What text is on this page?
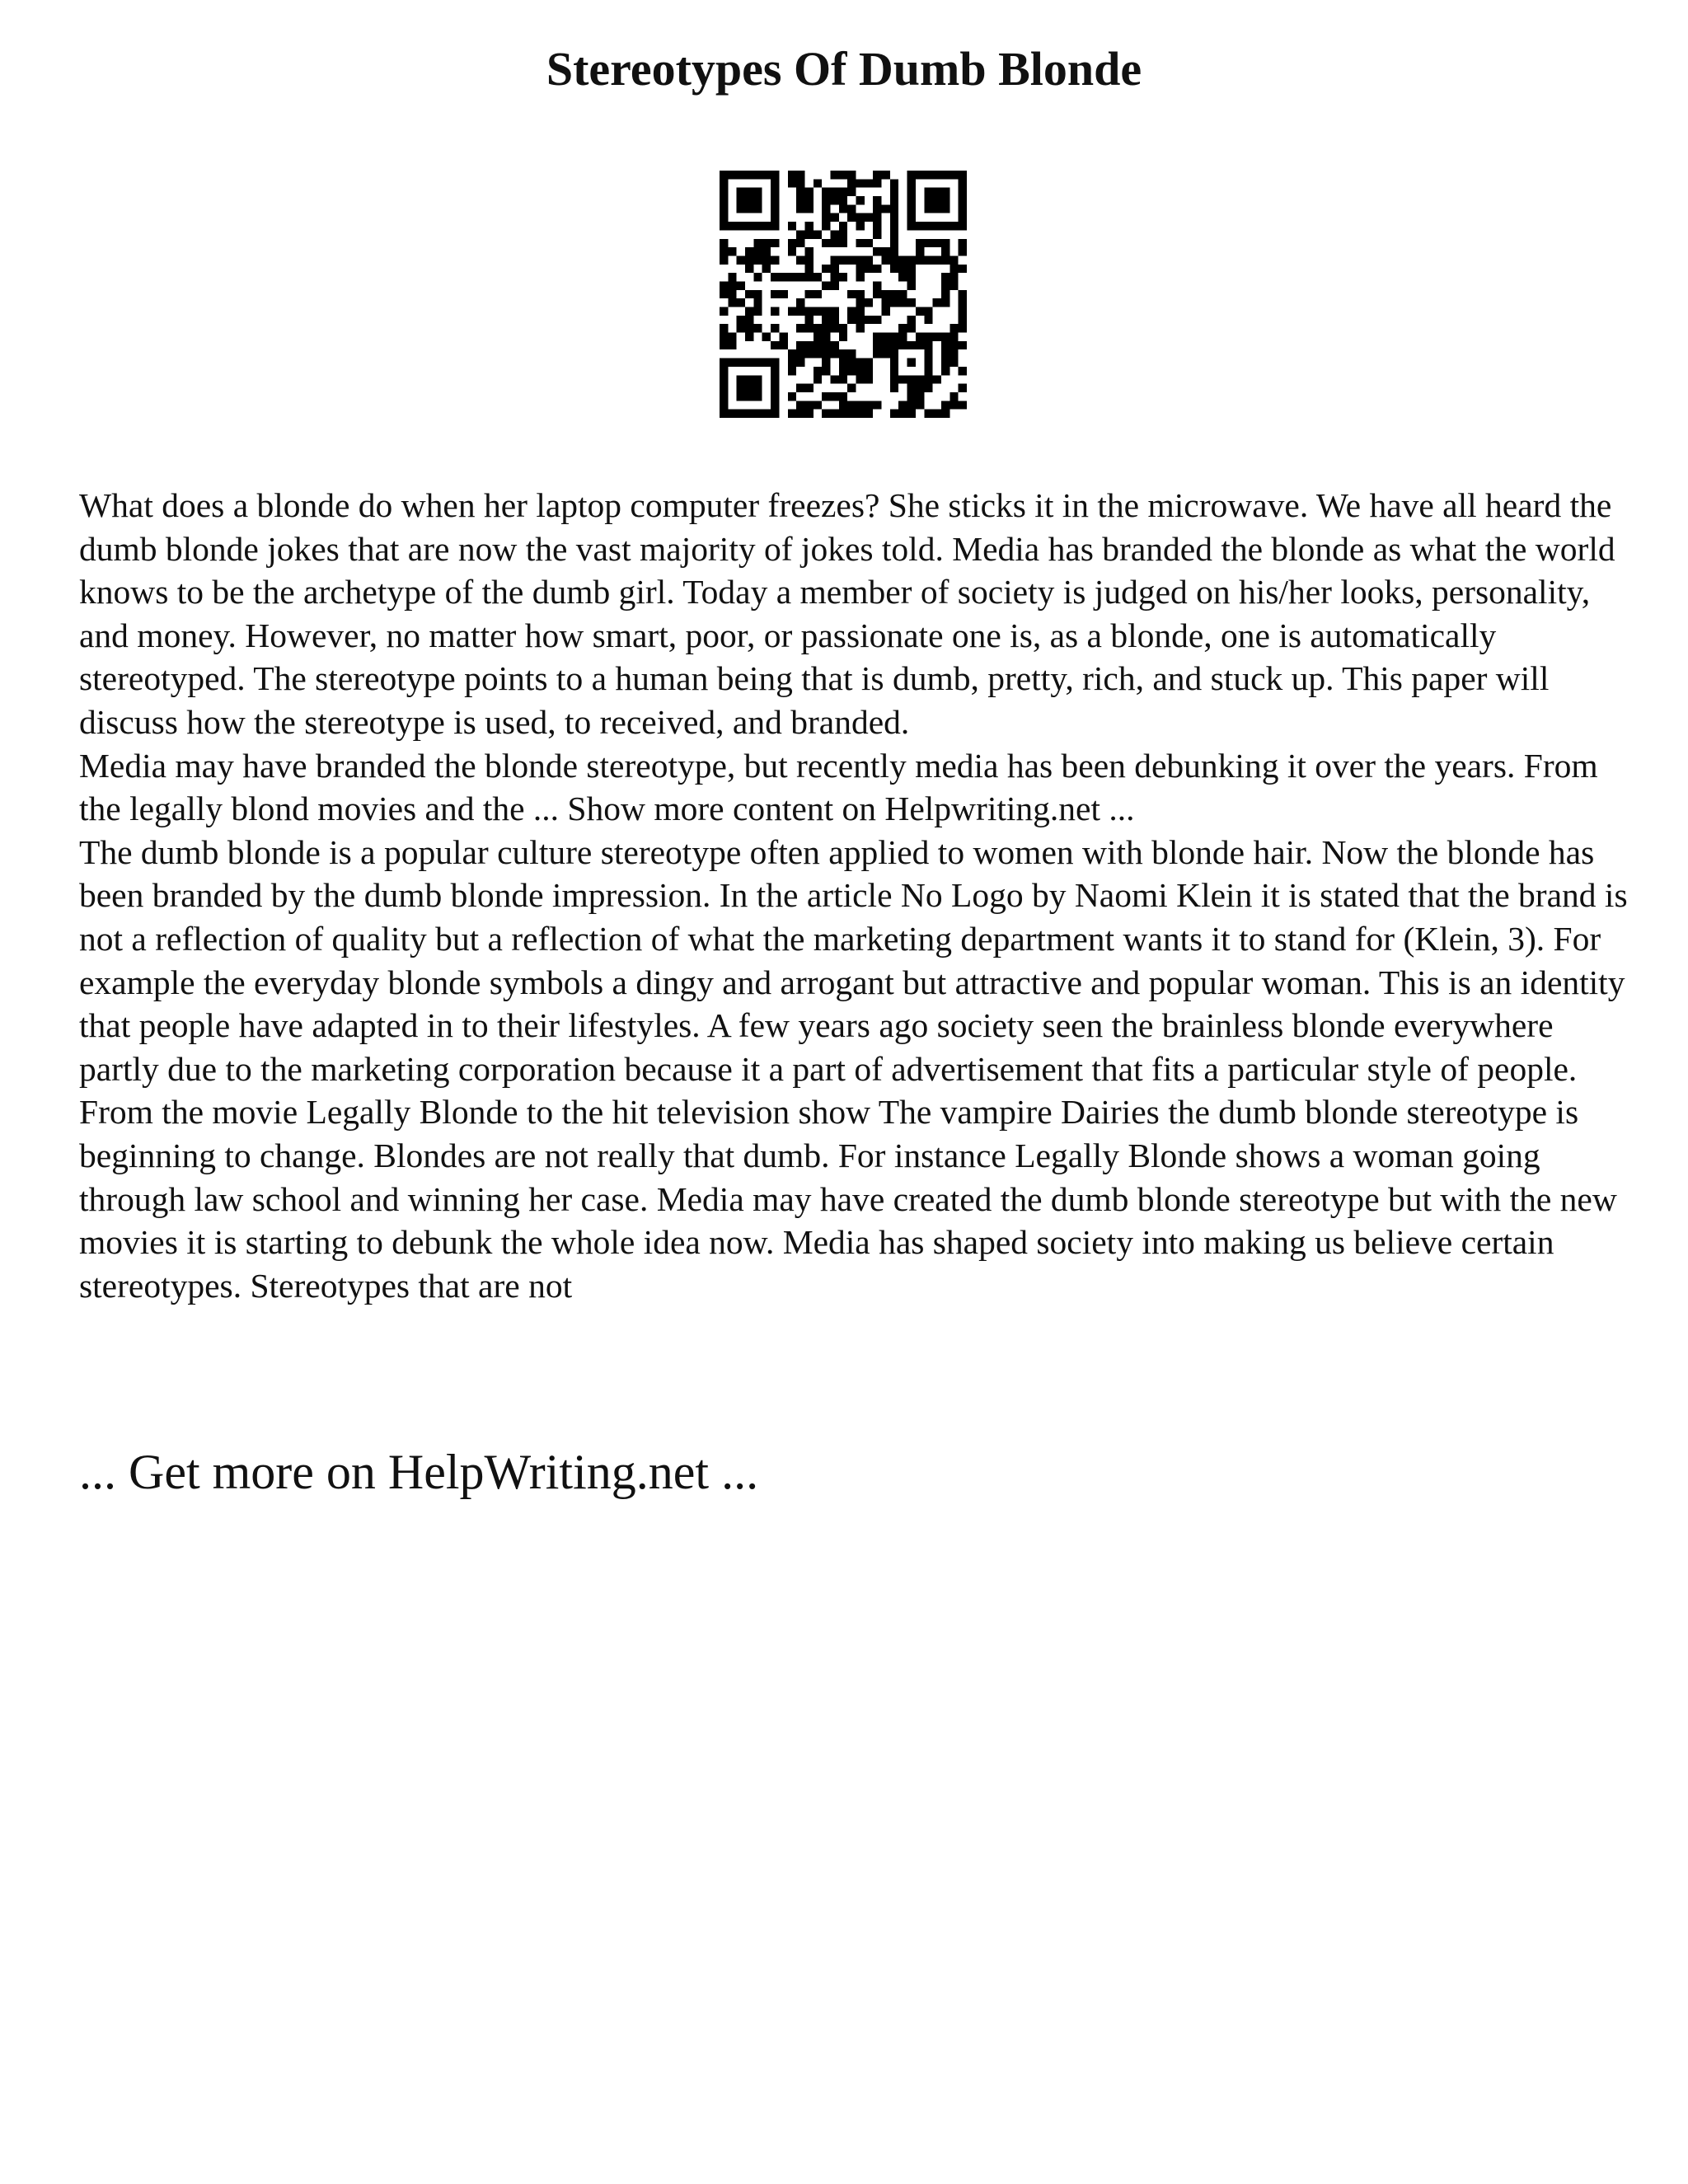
Stereotypes Of Dumb Blonde

What does a blonde do when her laptop computer freezes? She sticks it in the microwave. We have all heard the dumb blonde jokes that are now the vast majority of jokes told. Media has branded the blonde as what the world knows to be the archetype of the dumb girl. Today a member of society is judged on his/her looks, personality, and money. However, no matter how smart, poor, or passionate one is, as a blonde, one is automatically stereotyped. The stereotype points to a human being that is dumb, pretty, rich, and stuck up. This paper will discuss how the stereotype is used, to received, and branded.

Media may have branded the blonde stereotype, but recently media has been debunking it over the years. From the legally blond movies and the ... Show more content on Helpwriting.net ...

The dumb blonde is a popular culture stereotype often applied to women with blonde hair. Now the blonde has been branded by the dumb blonde impression. In the article No Logo by Naomi Klein it is stated that the brand is not a reflection of quality but a reflection of what the marketing department wants it to stand for (Klein, 3). For example the everyday blonde symbols a dingy and arrogant but attractive and popular woman. This is an identity that people have adapted in to their lifestyles. A few years ago society seen the brainless blonde everywhere partly due to the marketing corporation because it a part of advertisement that fits a particular style of people.

From the movie Legally Blonde to the hit television show The vampire Dairies the dumb blonde stereotype is beginning to change. Blondes are not really that dumb. For instance Legally Blonde shows a woman going through law school and winning her case. Media may have created the dumb blonde stereotype but with the new movies it is starting to debunk the whole idea now. Media has shaped society into making us believe certain stereotypes. Stereotypes that are not

... Get more on HelpWriting.net ...
